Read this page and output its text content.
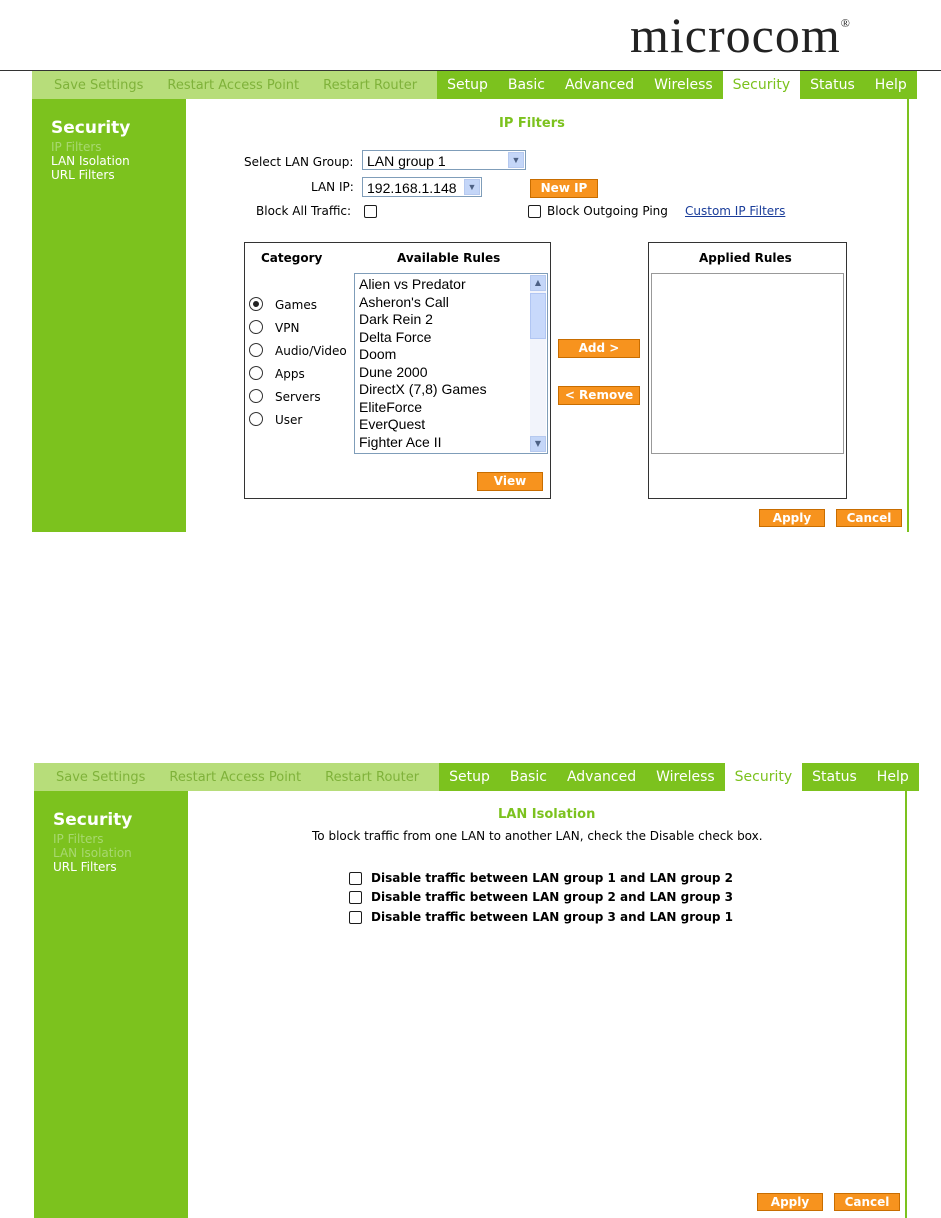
microcom®
Save Settings	Restart Access Point	Restart Router	Setup	Basic	Advanced	Wireless	Security	Status	Help
Security
IP Filters
LAN Isolation
URL Filters
IP Filters
Select LAN Group: LAN group 1	▼
LAN IP: 192.168.1.148	▼	New IP
Block All Traffic:	Block Outgoing Ping Custom IP Filters
Category	Available Rules
Games
VPN
Audio/Video
Apps
Servers
User
Alien vs Predator
Asheron's Call
Dark Rein 2
Delta Force
Doom
Dune 2000
DirectX (7,8) Games
EliteForce
EverQuest
Fighter Ace II
▲
▼
View
Add >
< Remove
Applied Rules
Apply	Cancel
Save Settings	Restart Access Point	Restart Router	Setup	Basic	Advanced	Wireless	Security	Status	Help
Security
IP Filters
LAN Isolation
URL Filters
LAN Isolation
To block traffic from one LAN to another LAN, check the Disable check box.
Disable traffic between LAN group 1 and LAN group 2
Disable traffic between LAN group 2 and LAN group 3
Disable traffic between LAN group 3 and LAN group 1
Apply	Cancel
